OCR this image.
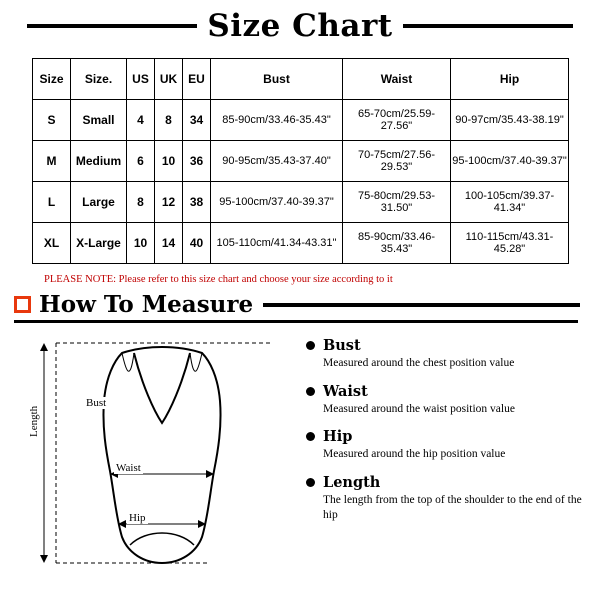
Size Chart
Size	Size.	US	UK	EU	Bust	Waist	Hip
S	Small	4	8	34	85-90cm/33.46-35.43"	65-70cm/25.59-27.56"	90-97cm/35.43-38.19"
M	Medium	6	10	36	90-95cm/35.43-37.40"	70-75cm/27.56-29.53"	95-100cm/37.40-39.37"
L	Large	8	12	38	95-100cm/37.40-39.37"	75-80cm/29.53-31.50"	100-105cm/39.37-41.34"
XL	X-Large	10	14	40	105-110cm/41.34-43.31"	85-90cm/33.46-35.43"	110-115cm/43.31-45.28"
PLEASE NOTE: Please refer to this size chart and choose your size according to it
How To Measure
Bust
Waist
Hip
Length
Bust
Measured around the chest position value
Waist
Measured around the waist position value
Hip
Measured around the hip position value
Length
The length from the top of the shoulder to the end of the hip
